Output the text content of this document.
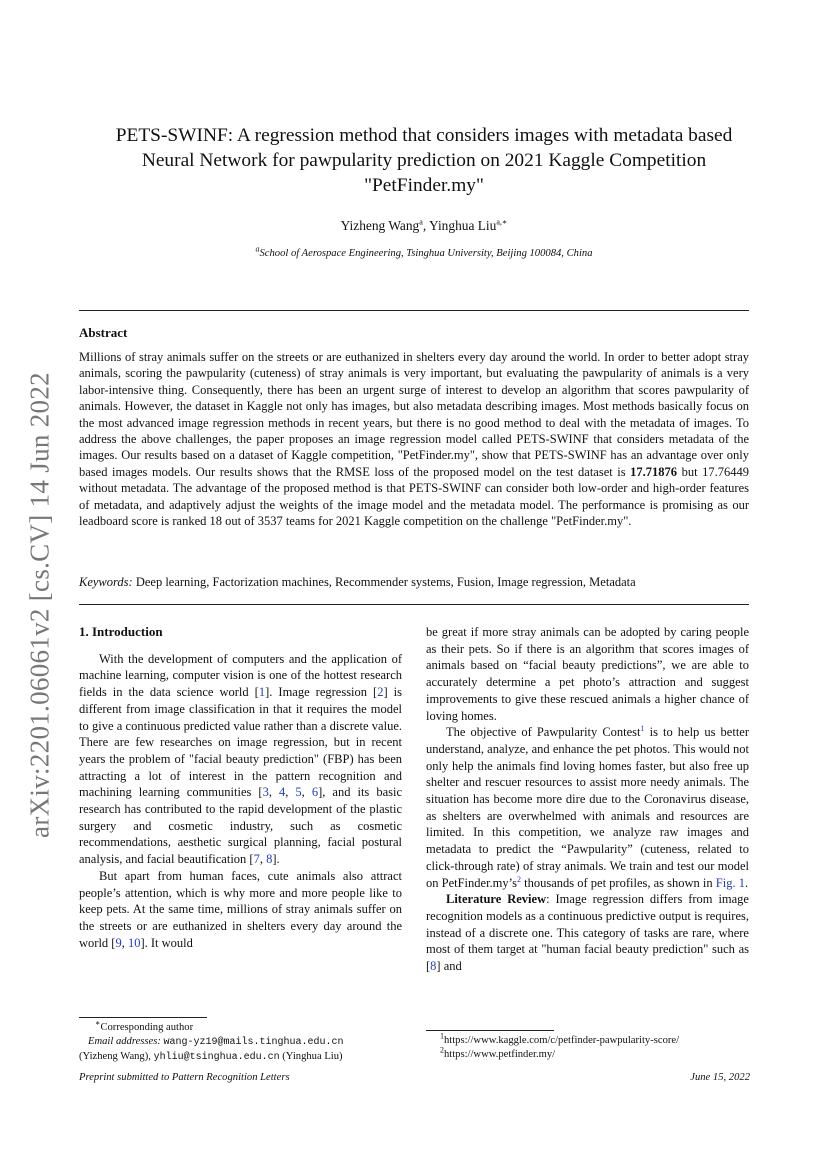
arXiv:2201.06061v2 [cs.CV] 14 Jun 2022
PETS-SWINF: A regression method that considers images with metadata based
Neural Network for pawpularity prediction on 2021 Kaggle Competition
"PetFinder.my"
Yizheng Wang$^a$, Yinghua Liu$^{a,∗}$
$^a$School of Aerospace Engineering, Tsinghua University, Beijing 100084, China
Abstract
Millions of stray animals suffer on the streets or are euthanized in shelters every day around the world. In order to better adopt stray animals, scoring the pawpularity (cuteness) of stray animals is very important, but evaluating the pawpularity of animals is a very labor-intensive thing. Consequently, there has been an urgent surge of interest to develop an algorithm that scores pawpularity of animals. However, the dataset in Kaggle not only has images, but also metadata describing images. Most methods basically focus on the most advanced image regression methods in recent years, but there is no good method to deal with the metadata of images. To address the above challenges, the paper proposes an image regression model called PETS-SWINF that considers metadata of the images. Our results based on a dataset of Kaggle competition, "PetFinder.my", show that PETS-SWINF has an advantage over only based images models. Our results shows that the RMSE loss of the proposed model on the test dataset is 17.71876 but 17.76449 without metadata. The advantage of the proposed method is that PETS-SWINF can consider both low-order and high-order features of metadata, and adaptively adjust the weights of the image model and the metadata model. The performance is promising as our leadboard score is ranked 18 out of 3537 teams for 2021 Kaggle competition on the challenge "PetFinder.my".
Keywords: Deep learning, Factorization machines, Recommender systems, Fusion, Image regression, Metadata
1. Introduction

With the development of computers and the application of machine learning, computer vision is one of the hottest research fields in the data science world [1]. Image regression [2] is different from image classification in that it requires the model to give a continuous predicted value rather than a discrete value. There are few researches on image regression, but in recent years the problem of "facial beauty prediction" (FBP) has been attracting a lot of interest in the pattern recognition and machining learning communities [3, 4, 5, 6], and its basic research has contributed to the rapid development of the plastic surgery and cosmetic industry, such as cosmetic recommendations, aesthetic surgical planning, facial postural analysis, and facial beautification [7, 8].

But apart from human faces, cute animals also attract people’s attention, which is why more and more people like to keep pets. At the same time, millions of stray animals suffer on the streets or are euthanized in shelters every day around the world [9, 10]. It would

be great if more stray animals can be adopted by caring people as their pets. So if there is an algorithm that scores images of animals based on “facial beauty predictions”, we are able to accurately determine a pet photo’s attraction and suggest improvements to give these rescued animals a higher chance of loving homes.

The objective of Pawpularity Contest$^1$ is to help us better understand, analyze, and enhance the pet photos. This would not only help the animals find loving homes faster, but also free up shelter and rescuer resources to assist more needy animals. The situation has become more dire due to the Coronavirus disease, as shelters are overwhelmed with animals and resources are limited. In this competition, we analyze raw images and metadata to predict the “Pawpularity” (cuteness, related to click-through rate) of stray animals. We train and test our model on $PetFinder.my’s^2$ thousands of pet profiles, as shown in Fig. 1.

Literature Review: Image regression differs from image recognition models as a continuous predictive output is requires, instead of a discrete one. This category of tasks are rare, where most of them target at "human facial beauty prediction" such as [8] and

∗Corresponding author
Email addresses: wang-yz19@mails.tinghua.edu.cn
(Yizheng Wang), yhliu@tsinghua.edu.cn (Yinghua Liu)
$^1$https://www.kaggle.com/c/petfinder-pawpularity-score/
$^2$https://www.petfinder.my/
Preprint submitted to Pattern Recognition Letters	June 15, 2022
